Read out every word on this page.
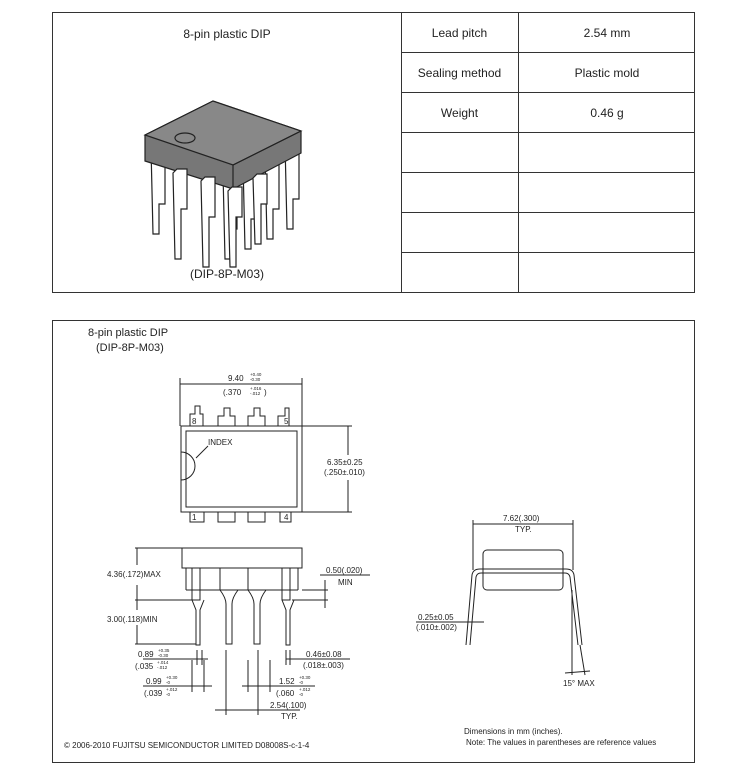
8-pin plastic DIP
(DIP-8P-M03)
Lead pitch	2.54 mm
Sealing method	Plastic mold
Weight	0.46 g

8-pin plastic DIP
(DIP-8P-M03)
9.40 +0.40
-0.30
(.370 +.016
-.012 )
8	5
1	4
INDEX
6.35±0.25
(.250±.010)
4.36(.172)MAX
3.00(.118)MIN
0.50(.020)
MIN
0.89 +0.35
-0.30
(.035 +.014
-.012
0.99 +0.30
-0
(.039 +.012
-0
0.46±0.08
(.018±.003)
1.52 +0.30
-0
(.060 +.012
-0
2.54(.100)
TYP.
7.62(.300)
TYP.
0.25±0.05
(.010±.002)
15° MAX
Dimensions in mm (inches).
Note: The values in parentheses are reference values
© 2006-2010 FUJITSU SEMICONDUCTOR LIMITED D08008S-c-1-4
